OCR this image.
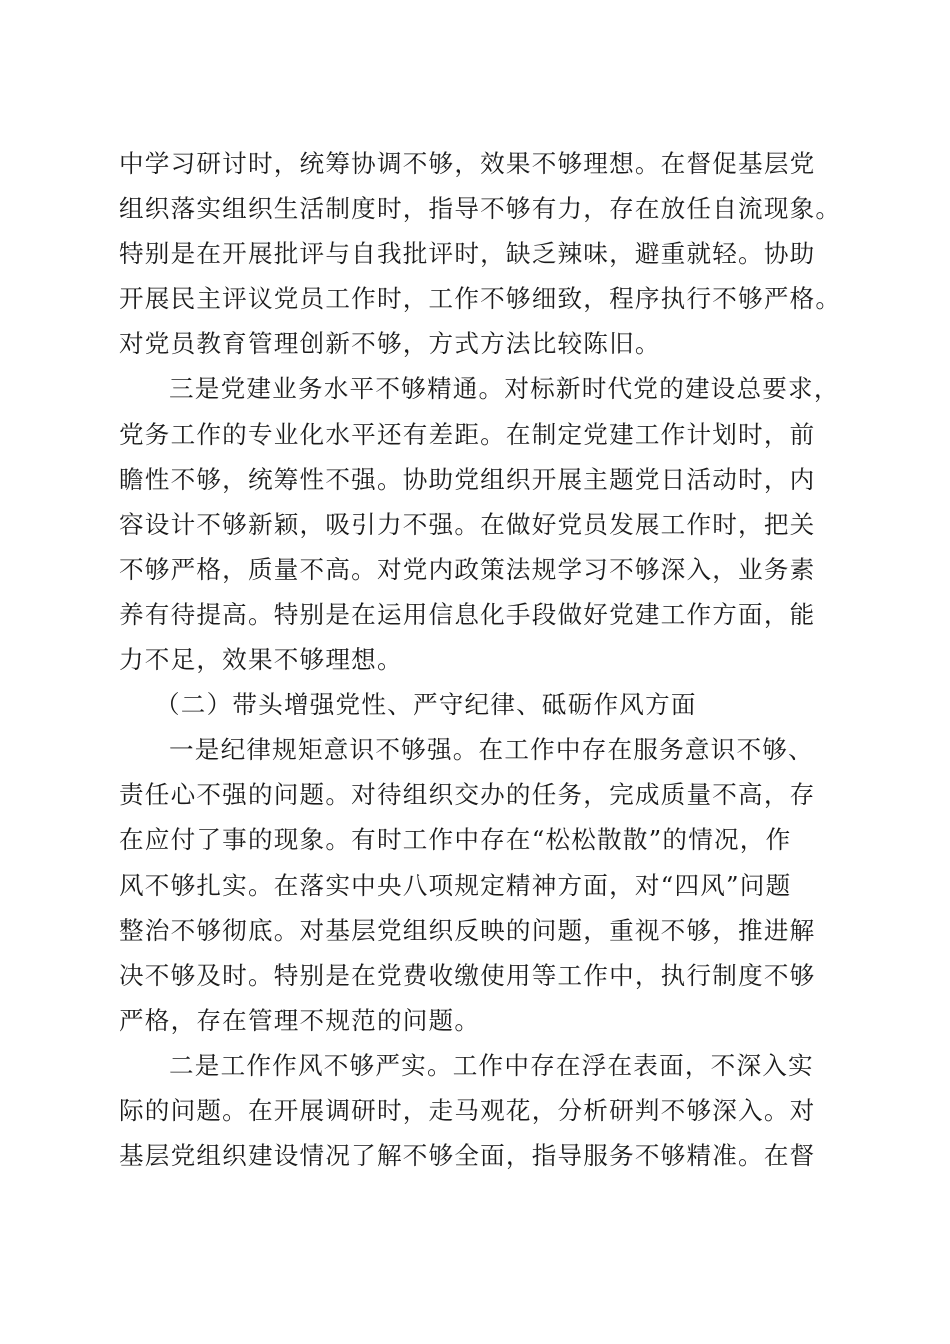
中学习研讨时，统筹协调不够，效果不够理想。在督促基层党
组织落实组织生活制度时，指导不够有力，存在放任自流现象。
特别是在开展批评与自我批评时，缺乏辣味，避重就轻。协助
开展民主评议党员工作时，工作不够细致，程序执行不够严格。
对党员教育管理创新不够，方式方法比较陈旧。
三是党建业务水平不够精通。对标新时代党的建设总要求，
党务工作的专业化水平还有差距。在制定党建工作计划时，前
瞻性不够，统筹性不强。协助党组织开展主题党日活动时，内
容设计不够新颖，吸引力不强。在做好党员发展工作时，把关
不够严格，质量不高。对党内政策法规学习不够深入，业务素
养有待提高。特别是在运用信息化手段做好党建工作方面，能
力不足，效果不够理想。
（二）带头增强党性、严守纪律、砥砺作风方面
一是纪律规矩意识不够强。在工作中存在服务意识不够、
责任心不强的问题。对待组织交办的任务，完成质量不高，存
在应付了事的现象。有时工作中存在“松松散散”的情况，作
风不够扎实。在落实中央八项规定精神方面，对“四风”问题
整治不够彻底。对基层党组织反映的问题，重视不够，推进解
决不够及时。特别是在党费收缴使用等工作中，执行制度不够
严格，存在管理不规范的问题。
二是工作作风不够严实。工作中存在浮在表面，不深入实
际的问题。在开展调研时，走马观花，分析研判不够深入。对
基层党组织建设情况了解不够全面，指导服务不够精准。在督
